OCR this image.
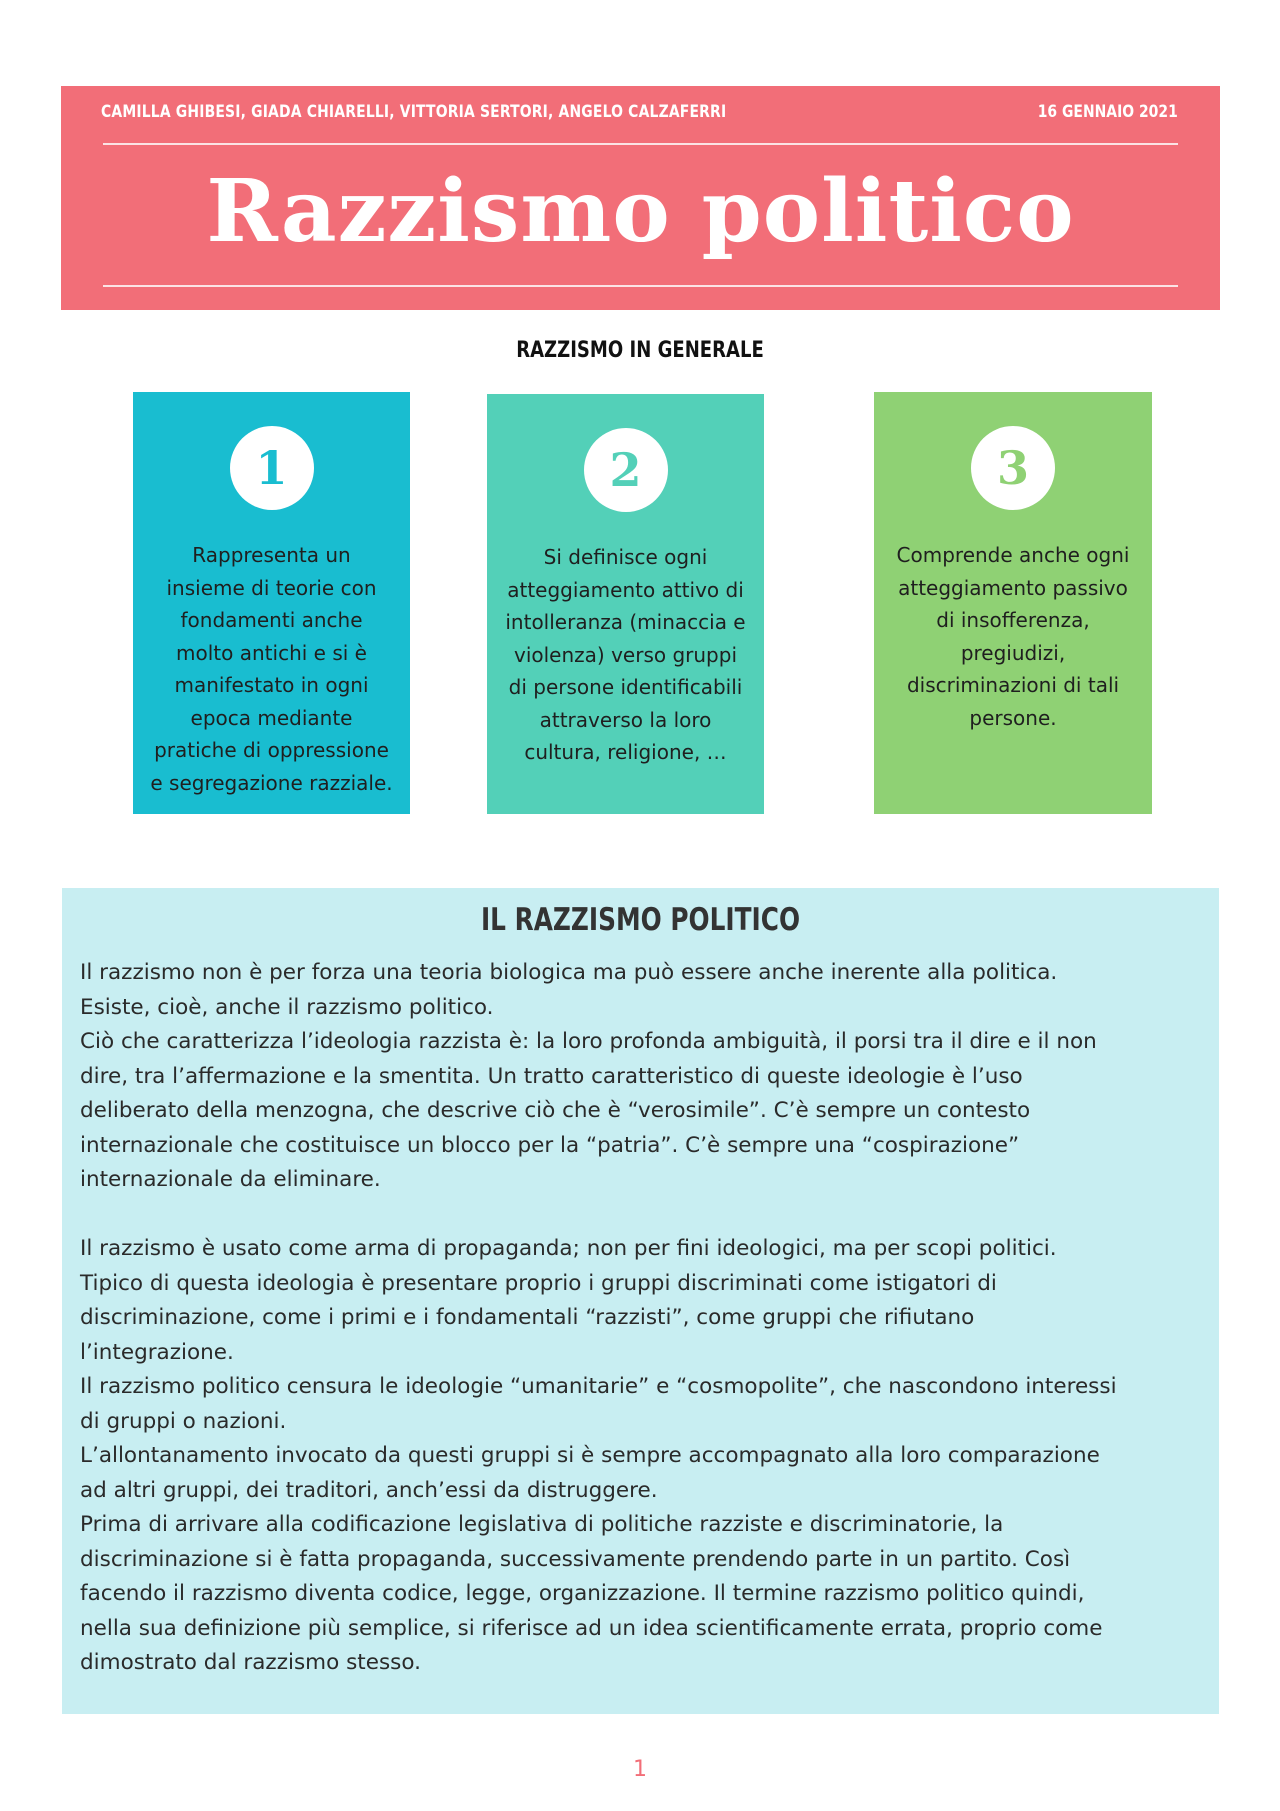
CAMILLA GHIBESI, GIADA CHIARELLI, VITTORIA SERTORI, ANGELO CALZAFERRI	16 GENNAIO 2021
Razzismo politico
RAZZISMO IN GENERALE
1
Rappresenta un
insieme di teorie con
fondamenti anche
molto antichi e si è
manifestato in ogni
epoca mediante
pratiche di oppressione
e segregazione razziale.
2
Si definisce ogni
atteggiamento attivo di
intolleranza (minaccia e
violenza) verso gruppi
di persone identificabili
attraverso la loro
cultura, religione, …
3
Comprende anche ogni
atteggiamento passivo
di insofferenza,
pregiudizi,
discriminazioni di tali
persone.
IL RAZZISMO POLITICO

Il razzismo non è per forza una teoria biologica ma può essere anche inerente alla politica.

Esiste, cioè, anche il razzismo politico.

Ciò che caratterizza l’ideologia razzista è: la loro profonda ambiguità, il porsi tra il dire e il non

dire, tra l’affermazione e la smentita. Un tratto caratteristico di queste ideologie è l’uso

deliberato della menzogna, che descrive ciò che è “verosimile”. C’è sempre un contesto

internazionale che costituisce un blocco per la “patria”. C’è sempre una “cospirazione”

internazionale da eliminare.

Il razzismo è usato come arma di propaganda; non per fini ideologici, ma per scopi politici.

Tipico di questa ideologia è presentare proprio i gruppi discriminati come istigatori di

discriminazione, come i primi e i fondamentali “razzisti”, come gruppi che rifiutano

l’integrazione.

Il razzismo politico censura le ideologie “umanitarie” e “cosmopolite”, che nascondono interessi

di gruppi o nazioni.

L’allontanamento invocato da questi gruppi si è sempre accompagnato alla loro comparazione

ad altri gruppi, dei traditori, anch’essi da distruggere.

Prima di arrivare alla codificazione legislativa di politiche razziste e discriminatorie, la

discriminazione si è fatta propaganda, successivamente prendendo parte in un partito. Così

facendo il razzismo diventa codice, legge, organizzazione. Il termine razzismo politico quindi,

nella sua definizione più semplice, si riferisce ad un idea scientificamente errata, proprio come

dimostrato dal razzismo stesso.

1
